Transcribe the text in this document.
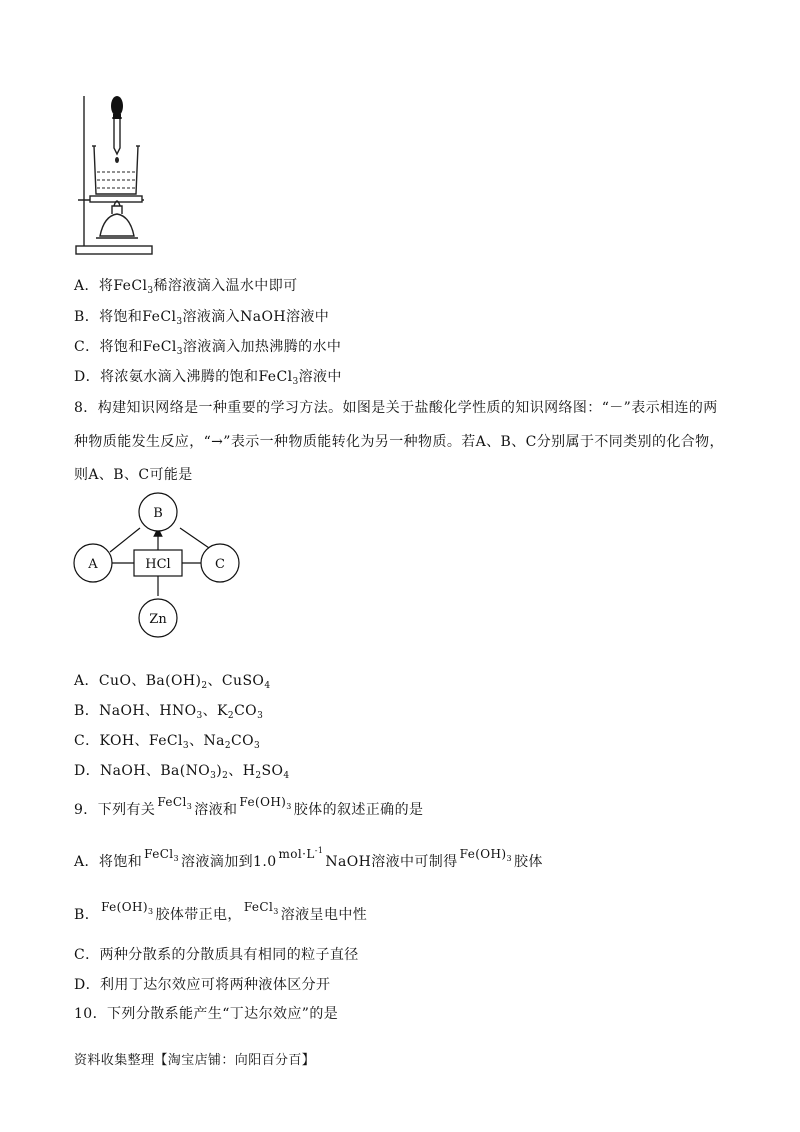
A．将FeCl$_3$稀溶液滴入温水中即可
B．将饱和FeCl$_3$溶液滴入NaOH溶液中
C．将饱和FeCl$_3$溶液滴入加热沸腾的水中
D．将浓氨水滴入沸腾的饱和FeCl$_3$溶液中
8．构建知识网络是一种重要的学习方法。如图是关于盐酸化学性质的知识网络图：“－”表示相连的两
种物质能发生反应，“→”表示一种物质能转化为另一种物质。若A、B、C分别属于不同类别的化合物，
则A、B、C可能是
B
A	C
Zn
HCl
A．CuO、$Ba(OH)_2$、CuSO$_4$
B．NaOH、$HNO_3$、$K_2CO_3$
C．KOH、FeCl$_3$、$Na_2CO_3$
D．NaOH、$Ba(NO_3)_2$、$H_2SO_4$
9．下列有关 FeCl$_3$ 溶液和 $Fe(OH)_3$ 胶体的叙述正确的是
A．将饱和 FeCl$_3$ 溶液滴加到1.0 $mol\cdot L^{-1}NaOH$溶液中可制得 $Fe(OH)_3$ 胶体
B． $Fe(OH)_3$ 胶体带正电， FeCl$_3$ 溶液呈电中性
C．两种分散系的分散质具有相同的粒子直径
D．利用丁达尔效应可将两种液体区分开
10．下列分散系能产生“丁达尔效应”的是
资料收集整理【淘宝店铺：向阳百分百】
